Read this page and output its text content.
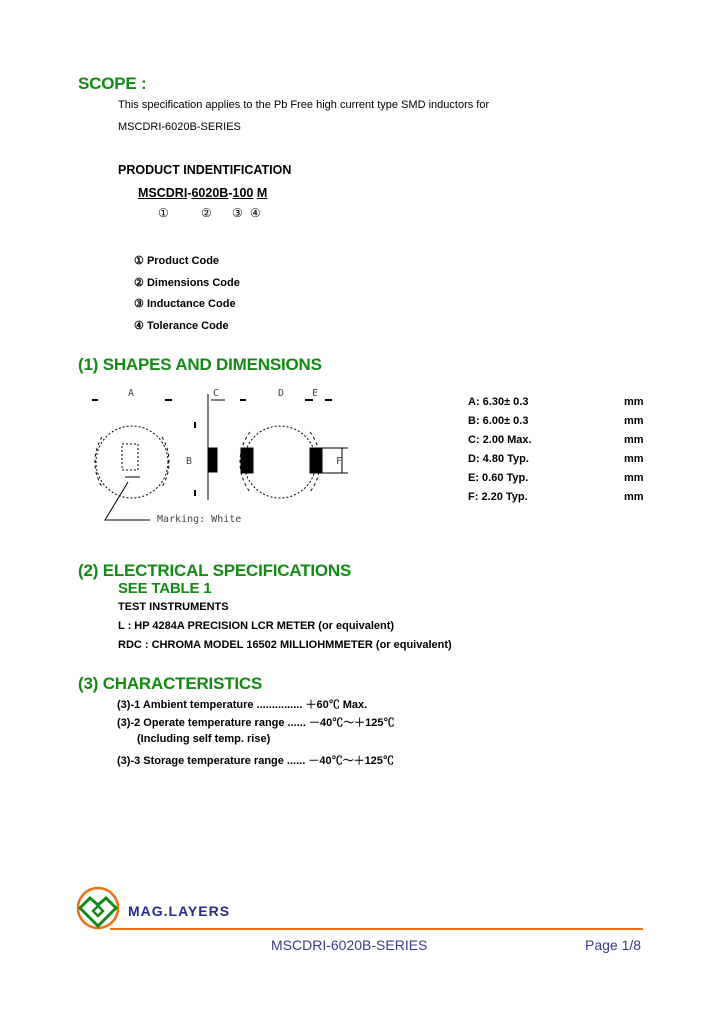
SCOPE :
This specification applies to the Pb Free high current type SMD inductors for
MSCDRI-6020B-SERIES
PRODUCT INDENTIFICATION
MSCDRI-6020B-100 M
①	② ③ ④
① Product Code
② Dimensions Code
③ Inductance Code
④ Tolerance Code
(1) SHAPES AND DIMENSIONS
A	C	D	E
B	F
Marking: White
A: 6.30± 0.3	mm
B: 6.00± 0.3	mm
C: 2.00 Max.	mm
D: 4.80 Typ.	mm
E: 0.60 Typ.	mm
F: 2.20 Typ.	mm
(2) ELECTRICAL SPECIFICATIONS
SEE TABLE 1
TEST INSTRUMENTS
L : HP 4284A PRECISION LCR METER (or equivalent)
RDC : CHROMA MODEL 16502 MILLIOHMMETER (or equivalent)
(3) CHARACTERISTICS
(3)-1 Ambient temperature ............... ＋60℃ Max.
(3)-2 Operate temperature range ...... －40℃～＋125℃
(Including self temp. rise)
(3)-3 Storage temperature range ...... －40℃～＋125℃
MAG.LAYERS
MSCDRI-6020B-SERIES	Page 1/8
